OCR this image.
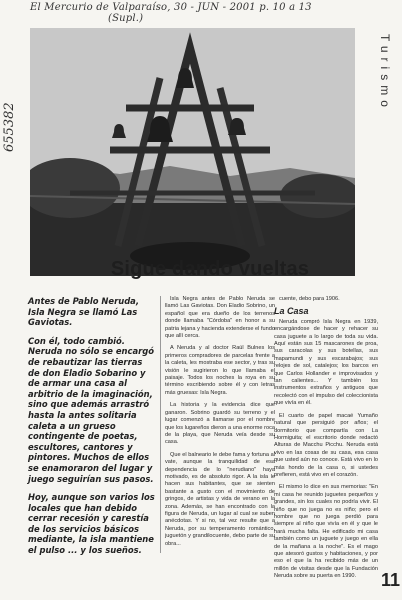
El Mercurio de Valparaíso, 30 - JUN - 2001 p. 10 a 13
(Supl.)
655382
Turismo
Sigue dando vueltas

Antes de Pablo Neruda, Isla Negra se llamó Las Gaviotas.

Con él, todo cambió. Neruda no sólo se encargó de rebautizar las tierras de don Eladio Sobarino y de armar una casa al arbitrio de la imaginación, sino que además arrastró hasta la antes solitaria caleta a un grueso contingente de poetas, escultores, cantores y pintores. Muchos de ellos se enamoraron del lugar y juego seguirían sus pasos.

Hoy, aunque son varios los locales que han debido cerrar recesión y carestía de los servicios básicos mediante, la isla mantiene el pulso ... y los sueños.

Isla Negra antes de Pablo Neruda se llamó Las Gaviotas. Don Eladio Sobrino, un español que era dueño de los terrenos donde llamaba "Córdoba" en honor a su patria lejana y hacienda extenderse el fundo que allí cerca.

A Neruda y al doctor Raúl Bulnes los primeros compradores de parcelas frente a la caleta, les mostraba ese sector, y tras su visión le sugirieron lo que llamaba el paisaje. Todos los noches la roya en su término escribiendo sobre él y con letras más gruesas: Isla Negra.

La historia y la evidencia dice que ganaron. Sobrino guardó su terreno y el lugar comenzó a llamarse por el nombre que los lugareños dieron a una enorme roca de la playa, que Neruda veía desde su casa.

Que el balneario le debe fama y fortuna al vate, aunque la tranquilidad de esa dependencia de lo "nerudiano" haya motivado, es de absoluto rigor. A la isla le hacen sus habitantes, que se sienten bastante a gusto con el movimiento de gringos, de artistas y vida de verano en la zona. Además, se han encontrado con la figura de Neruda, un lugar al cual se suben anécdotas. Y si no, tal vez resulte que a Neruda, por su temperamento romántico, juguetón y grandilocuente, debo parte de su obra...

cuente, debo para 1906.

La Casa

Neruda compró Isla Negra en 1939, encargándose de hacer y rehacer su casa juguete a lo largo de toda su vida. Aquí están sus 15 mascarones de proa, sus caracolas y sus botellas, sus mapamundi y sus escarabajos; sus relojes de sol, catalejos; los barcos en que Carlos Hollander e improvisados y tan calientes... Y también los instrumentos extraños y antiguos que recolectó con el impulso del coleccionista que vivía en él.

El cuarto de papel macaé Yumaño natural que persiguió por años; el dormitorio que compartía con La Hormiguita; el escritorio donde redactó Alturas de Macchu Picchu. Neruda está vivo en las cosas de su casa, esa casa que usted aún no conoce. Está vivo en lo más hondo de la casa o, si ustedes prefieren, está vivo en el corazón.

El mismo lo dice en sus memorias: "En mi casa he reunido juguetes pequeños y grandes, sin los cuales no podría vivir. El niño que no juega no es niño; pero el hombre que no juega perdió para siempre al niño que vivía en él y que le hará mucha falta. He edificado mi casa también como un juguete y juego en ella de la mañana a la noche". Es el mago que atesoró gustos y habitaciones, y por eso el que la ha recibido más de un millón de visitas desde que la Fundación Neruda sobre su puerta en 1990.	11
